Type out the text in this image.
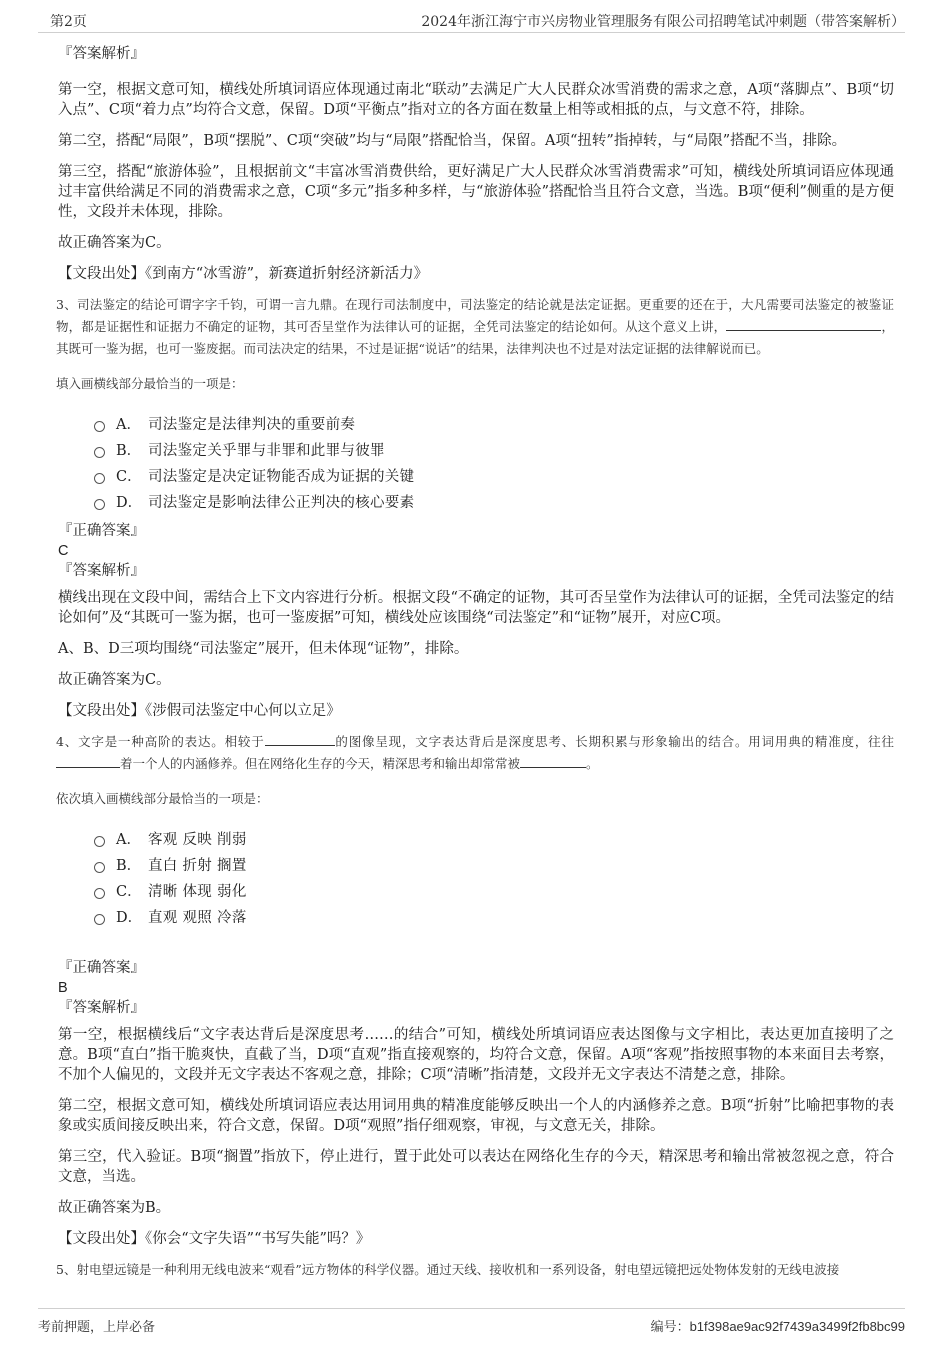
第2页	2024年浙江海宁市兴房物业管理服务有限公司招聘笔试冲刺题（带答案解析）
『答案解析』

第一空，根据文意可知，横线处所填词语应体现通过南北“联动”去满足广大人民群众冰雪消费的需求之意，A项“落脚点”、B项“切入点”、C项“着力点”均符合文意，保留。D项“平衡点”指对立的各方面在数量上相等或相抵的点，与文意不符，排除。

第二空，搭配“局限”，B项“摆脱”、C项“突破”均与“局限”搭配恰当，保留。A项“扭转”指掉转，与“局限”搭配不当，排除。

第三空，搭配“旅游体验”，且根据前文“丰富冰雪消费供给，更好满足广大人民群众冰雪消费需求”可知，横线处所填词语应体现通过丰富供给满足不同的消费需求之意，C项“多元”指多种多样，与“旅游体验”搭配恰当且符合文意，当选。B项“便利”侧重的是方便性，文段并未体现，排除。

故正确答案为C。

【文段出处】《到南方“冰雪游”，新赛道折射经济新活力》

3、司法鉴定的结论可谓字字千钧，可谓一言九鼎。在现行司法制度中，司法鉴定的结论就是法定证据。更重要的还在于，大凡需要司法鉴定的被鉴证物，都是证据性和证据力不确定的证物，其可否呈堂作为法律认可的证据，全凭司法鉴定的结论如何。从这个意义上讲，	，其既可一鉴为据，也可一鉴废据。而司法决定的结果，不过是证据“说话”的结果，法律判决也不过是对法定证据的法律解说而已。
填入画横线部分最恰当的一项是：
A． 司法鉴定是法律判决的重要前奏
B． 司法鉴定关乎罪与非罪和此罪与彼罪
C． 司法鉴定是决定证物能否成为证据的关键
D． 司法鉴定是影响法律公正判决的核心要素
『正确答案』
C
『答案解析』

横线出现在文段中间，需结合上下文内容进行分析。根据文段“不确定的证物，其可否呈堂作为法律认可的证据，全凭司法鉴定的结论如何”及“其既可一鉴为据，也可一鉴废据”可知，横线处应该围绕“司法鉴定”和“证物”展开，对应C项。

A、B、D三项均围绕“司法鉴定”展开，但未体现“证物”，排除。

故正确答案为C。

【文段出处】《涉假司法鉴定中心何以立足》

4、文字是一种高阶的表达。相较于	的图像呈现，文字表达背后是深度思考、长期积累与形象输出的结合。用词用典的精准度，往往着一个人的内涵修养。但在网络化生存的今天，精深思考和输出却常常被	。
依次填入画横线部分最恰当的一项是：
A． 客观 反映 削弱
B． 直白 折射 搁置
C． 清晰 体现 弱化
D． 直观 观照 冷落
『正确答案』
B
『答案解析』

第一空，根据横线后“文字表达背后是深度思考……的结合”可知，横线处所填词语应表达图像与文字相比，表达更加直接明了之意。B项“直白”指干脆爽快，直截了当，D项“直观”指直接观察的，均符合文意，保留。A项“客观”指按照事物的本来面目去考察，不加个人偏见的，文段并无文字表达不客观之意，排除；C项“清晰”指清楚，文段并无文字表达不清楚之意，排除。

第二空，根据文意可知，横线处所填词语应表达用词用典的精准度能够反映出一个人的内涵修养之意。B项“折射”比喻把事物的表象或实质间接反映出来，符合文意，保留。D项“观照”指仔细观察，审视，与文意无关，排除。

第三空，代入验证。B项“搁置”指放下，停止进行，置于此处可以表达在网络化生存的今天，精深思考和输出常被忽视之意，符合文意，当选。

故正确答案为B。

【文段出处】《你会“文字失语”“书写失能”吗？》

5、射电望远镜是一种利用无线电波来“观看”远方物体的科学仪器。通过天线、接收机和一系列设备，射电望远镜把远处物体发射的无线电波接
考前押题，上岸必备	编号：b1f398ae9ac92f7439a3499f2fb8bc99
